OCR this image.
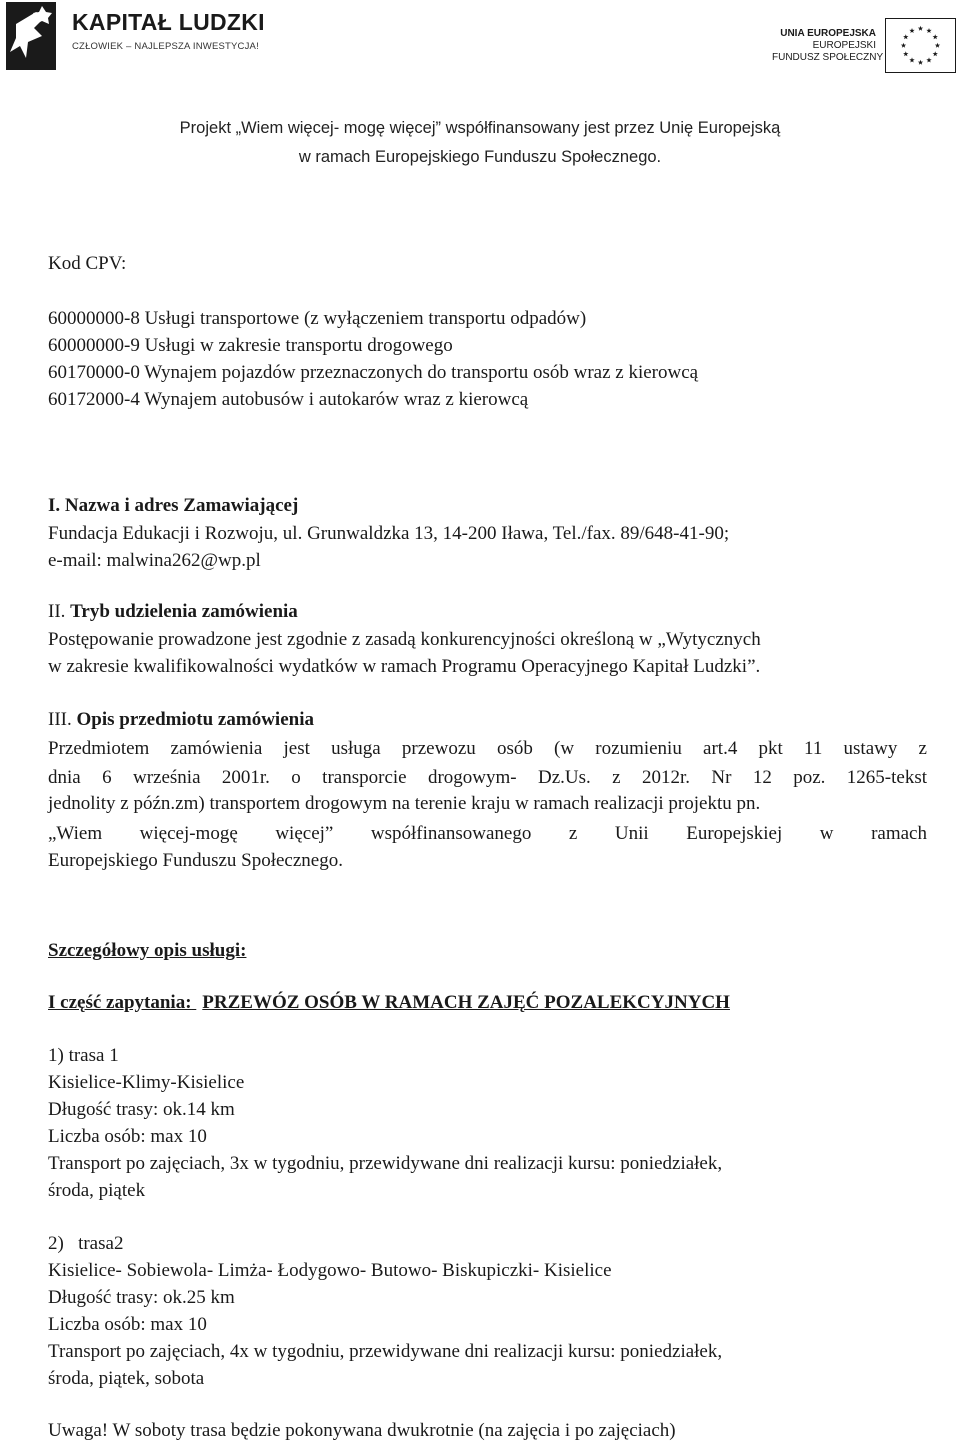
KAPITAŁ LUDZKI
CZŁOWIEK – NAJLEPSZA INWESTYCJA!
UNIA EUROPEJSKA
EUROPEJSKI
FUNDUSZ SPOŁECZNY
Projekt „Wiem więcej- mogę więcej” współfinansowany jest przez Unię Europejską
w ramach Europejskiego Funduszu Społecznego.
Kod CPV:
60000000-8 Usługi transportowe (z wyłączeniem transportu odpadów)
60000000-9 Usługi w zakresie transportu drogowego
60170000-0 Wynajem pojazdów przeznaczonych do transportu osób wraz z kierowcą
60172000-4 Wynajem autobusów i autokarów wraz z kierowcą
I. Nazwa i adres Zamawiającej
Fundacja Edukacji i Rozwoju, ul. Grunwaldzka 13, 14-200 Iława, Tel./fax. 89/648-41-90;
e-mail: malwina262@wp.pl
II. Tryb udzielenia zamówienia
Postępowanie prowadzone jest zgodnie z zasadą konkurencyjności określoną w „Wytycznych
w zakresie kwalifikowalności wydatków w ramach Programu Operacyjnego Kapitał Ludzki”.
III. Opis przedmiotu zamówienia
Przedmiotem zamówienia jest usługa przewozu osób (w rozumieniu art.4 pkt 11 ustawy z
dnia 6 września 2001r. o transporcie drogowym- Dz.Us. z 2012r. Nr 12 poz. 1265-tekst
jednolity z późn.zm) transportem drogowym na terenie kraju w ramach realizacji projektu pn.
„Wiem więcej-mogę więcej” współfinansowanego z Unii Europejskiej w ramach
Europejskiego Funduszu Społecznego.
Szczegółowy opis usługi:
I część zapytania: PRZEWÓZ OSÓB W RAMACH ZAJĘĆ POZALEKCYJNYCH
1) trasa 1
Kisielice-Klimy-Kisielice
Długość trasy: ok.14 km
Liczba osób: max 10
Transport po zajęciach, 3x w tygodniu, przewidywane dni realizacji kursu: poniedziałek,
środa, piątek
2)   trasa2
Kisielice- Sobiewola- Limża- Łodygowo- Butowo- Biskupiczki- Kisielice
Długość trasy: ok.25 km
Liczba osób: max 10
Transport po zajęciach, 4x w tygodniu, przewidywane dni realizacji kursu: poniedziałek,
środa, piątek, sobota
Uwaga! W soboty trasa będzie pokonywana dwukrotnie (na zajęcia i po zajęciach)
